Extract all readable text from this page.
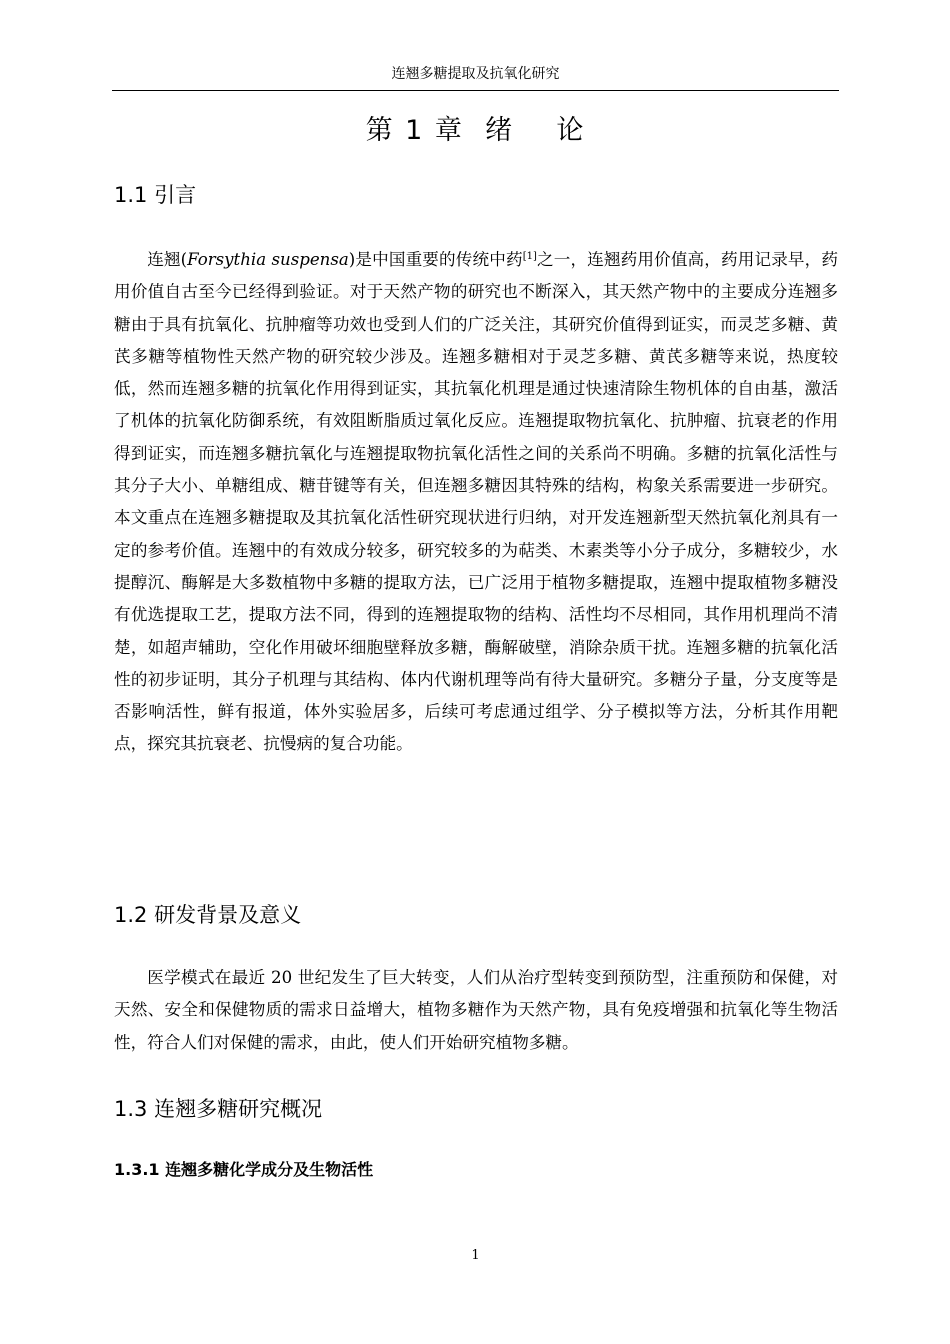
连翘多糖提取及抗氧化研究
第 1 章  绪    论
1.1 引言

连翘(Forsythia suspensa)是中国重要的传统中药[1]之一，连翘药用价值高，药用记录早，药用价值自古至今已经得到验证。对于天然产物的研究也不断深入，其天然产物中的主要成分连翘多糖由于具有抗氧化、抗肿瘤等功效也受到人们的广泛关注，其研究价值得到证实，而灵芝多糖、黄芪多糖等植物性天然产物的研究较少涉及。连翘多糖相对于灵芝多糖、黄芪多糖等来说，热度较低，然而连翘多糖的抗氧化作用得到证实，其抗氧化机理是通过快速清除生物机体的自由基，激活了机体的抗氧化防御系统，有效阻断脂质过氧化反应。连翘提取物抗氧化、抗肿瘤、抗衰老的作用得到证实，而连翘多糖抗氧化与连翘提取物抗氧化活性之间的关系尚不明确。多糖的抗氧化活性与其分子大小、单糖组成、糖苷键等有关，但连翘多糖因其特殊的结构，构象关系需要进一步研究。本文重点在连翘多糖提取及其抗氧化活性研究现状进行归纳，对开发连翘新型天然抗氧化剂具有一定的参考价值。连翘中的有效成分较多，研究较多的为萜类、木素类等小分子成分，多糖较少，水提醇沉、酶解是大多数植物中多糖的提取方法，已广泛用于植物多糖提取，连翘中提取植物多糖没有优选提取工艺，提取方法不同，得到的连翘提取物的结构、活性均不尽相同，其作用机理尚不清楚，如超声辅助，空化作用破坏细胞壁释放多糖，酶解破壁，消除杂质干扰。连翘多糖的抗氧化活性的初步证明，其分子机理与其结构、体内代谢机理等尚有待大量研究。多糖分子量，分支度等是否影响活性，鲜有报道，体外实验居多，后续可考虑通过组学、分子模拟等方法，分析其作用靶点，探究其抗衰老、抗慢病的复合功能。

1.2 研发背景及意义

医学模式在最近 20 世纪发生了巨大转变，人们从治疗型转变到预防型，注重预防和保健，对天然、安全和保健物质的需求日益增大，植物多糖作为天然产物，具有免疫增强和抗氧化等生物活性，符合人们对保健的需求，由此，使人们开始研究植物多糖。

1.3 连翘多糖研究概况
1.3.1 连翘多糖化学成分及生物活性
1
